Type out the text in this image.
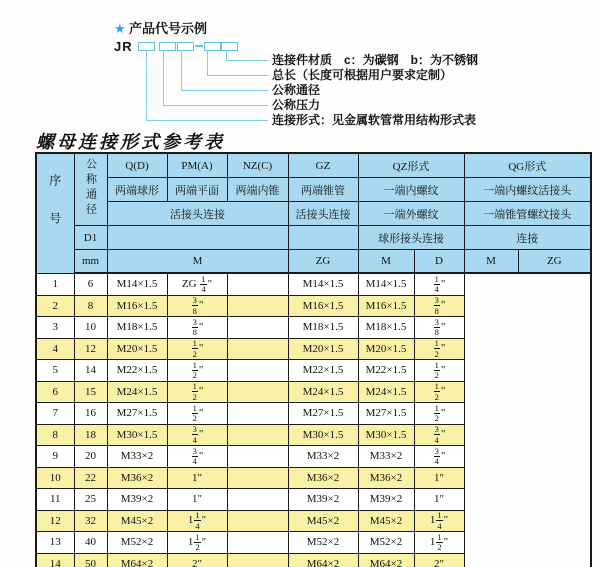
★ 产品代号示例
JR
连接件材质　c：为碳钢　b：为不锈钢
总长（长度可根据用户要求定制）
公称通径
公称压力
连接形式：见金属软管常用结构形式表
螺母连接形式参考表
序号	公称通径	Q(D)	PM(A)	NZ(C)	GZ	QZ形式		QG形式	
		两端球形	两端平面	两端内锥	两端锥管	一端内螺纹		一端内螺纹活接头	
		活接头连接			活接头连接	一端外螺纹		一端锥管螺纹接头	
	D1					球形接头连接		连接	
	mm	M			ZG	M	D	M	ZG
1	6	M14×1.5	ZG $\frac{1}{4}$ "		M14×1.5	M14×1.5	$\frac{1}{4}$ "		
2	8	M16×1.5	$\frac{3}{8}$ "		M16×1.5	M16×1.5	$\frac{3}{8}$ "		
3	10	M18×1.5	$\frac{3}{8}$ "		M18×1.5	M18×1.5	$\frac{3}{8}$ "		
4	12	M20×1.5	$\frac{1}{2}$ "		M20×1.5	M20×1.5	$\frac{1}{2}$ "		
5	14	M22×1.5	$\frac{1}{2}$ "		M22×1.5	M22×1.5	$\frac{1}{2}$ "		
6	15	M24×1.5	$\frac{1}{2}$ "		M24×1.5	M24×1.5	$\frac{1}{2}$ "		
7	16	M27×1.5	$\frac{1}{2}$ "		M27×1.5	M27×1.5	$\frac{1}{2}$ "		
8	18	M30×1.5	$\frac{3}{4}$ "		M30×1.5	M30×1.5	$\frac{3}{4}$ "		
9	20	M33×2	$\frac{3}{4}$ "		M33×2	M33×2	$\frac{3}{4}$ "		
10	22	M36×2	1"		M36×2	M36×2	1"		
11	25	M39×2	1"		M39×2	M39×2	1"		
12	32	M45×2	$1 \frac{1}{4}$ "		M45×2	M45×2	$1 \frac{1}{4}$ "		
13	40	M52×2	$1 \frac{1}{2}$ "		M52×2	M52×2	$1 \frac{1}{2}$ "		
14	50	M64×2	2"		M64×2	M64×2	2"		
